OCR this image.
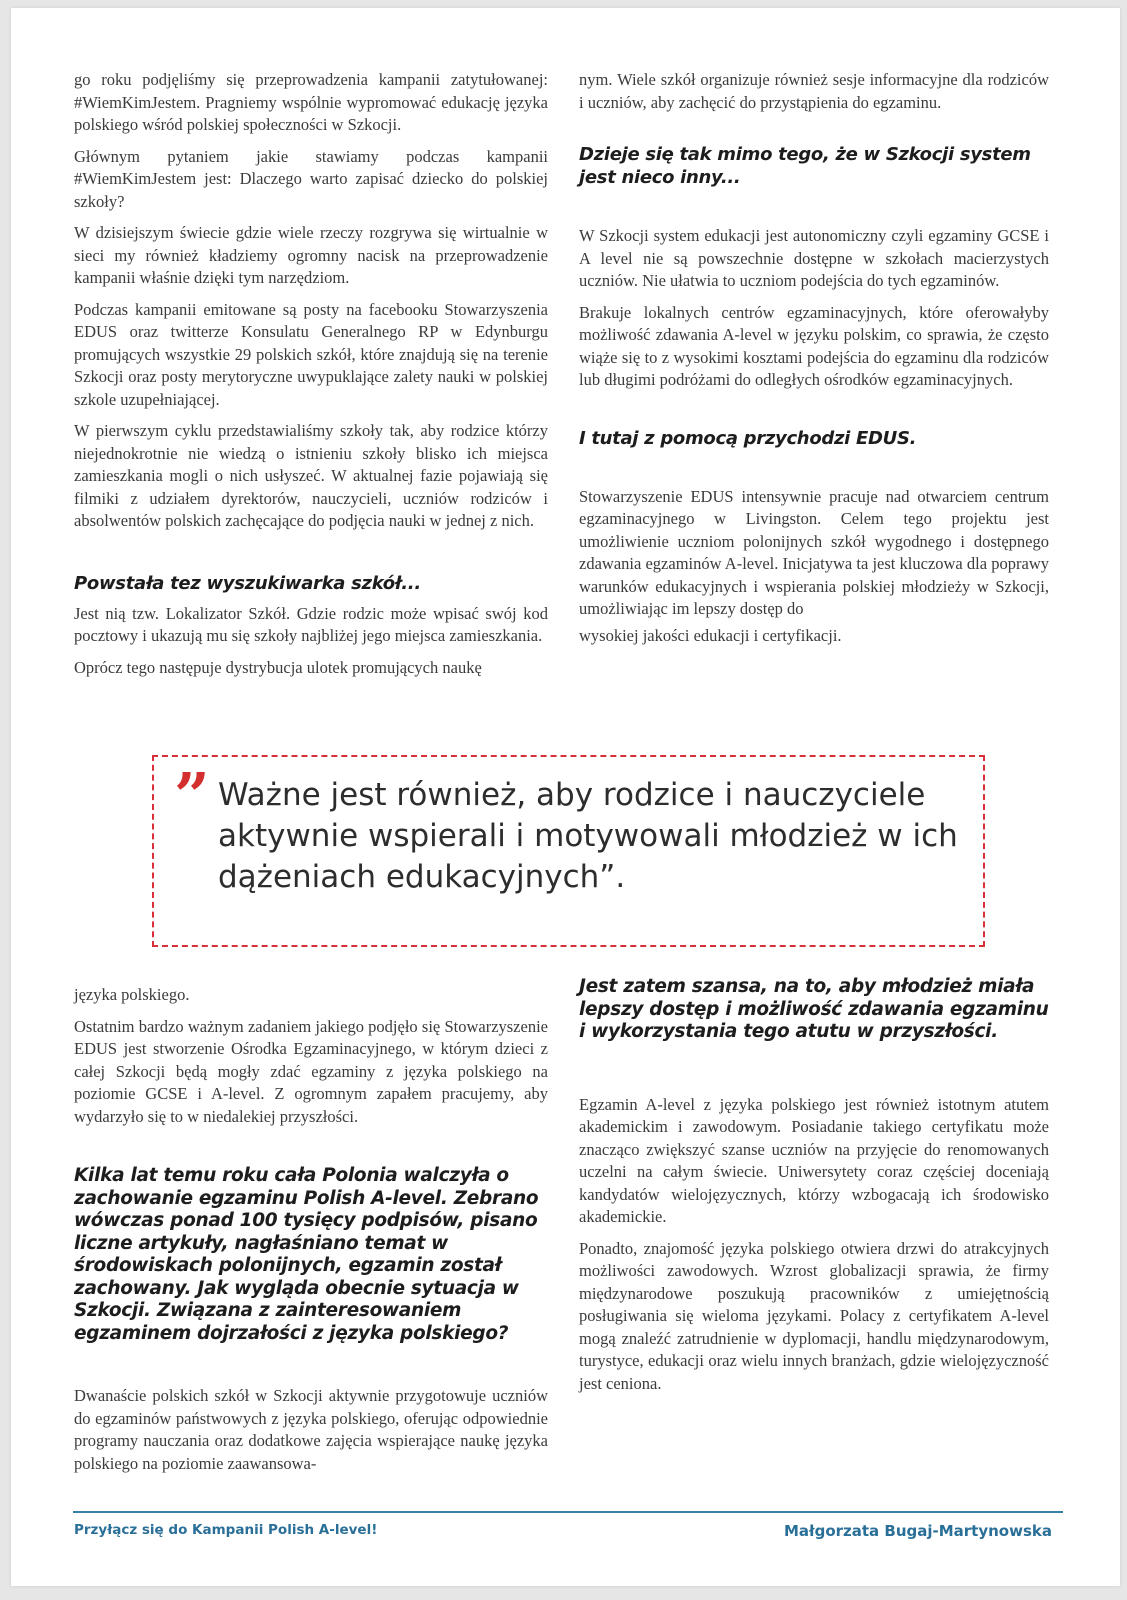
go roku podjęliśmy się przeprowadzenia kampanii zatytułowanej: #WiemKimJestem. Pragniemy wspólnie wypromować edukację języka polskiego wśród polskiej społeczności w Szkocji.

Głównym pytaniem jakie stawiamy podczas kampanii #WiemKimJestem jest: Dlaczego warto zapisać dziecko do polskiej szkoły?

W dzisiejszym świecie gdzie wiele rzeczy rozgrywa się wirtualnie w sieci my również kładziemy ogromny nacisk na przeprowadzenie kampanii właśnie dzięki tym narzędziom.

Podczas kampanii emitowane są posty na facebooku Stowarzyszenia EDUS oraz twitterze Konsulatu Generalnego RP w Edynburgu promujących wszystkie 29 polskich szkół, które znajdują się na terenie Szkocji oraz posty merytoryczne uwypuklające zalety nauki w polskiej szkole uzupełniającej.

W pierwszym cyklu przedstawialiśmy szkoły tak, aby rodzice którzy niejednokrotnie nie wiedzą o istnieniu szkoły blisko ich miejsca zamieszkania mogli o nich usłyszeć. W aktualnej fazie pojawiają się filmiki z udziałem dyrektorów, nauczycieli, uczniów rodziców i absolwentów polskich zachęcające do podjęcia nauki w jednej z nich.

Powstała tez wyszukiwarka szkół...

Jest nią tzw. Lokalizator Szkół. Gdzie rodzic może wpisać swój kod pocztowy i ukazują mu się szkoły najbliżej jego miejsca zamieszkania.

Oprócz tego następuje dystrybucja ulotek promujących naukę

nym. Wiele szkół organizuje również sesje informacyjne dla rodziców i uczniów, aby zachęcić do przystąpienia do egzaminu.

Dzieje się tak mimo tego, że w Szkocji system jest nieco inny...

W Szkocji system edukacji jest autonomiczny czyli egzaminy GCSE i A level nie są powszechnie dostępne w szkołach macierzystych uczniów. Nie ułatwia to uczniom podejścia do tych egzaminów.

Brakuje lokalnych centrów egzaminacyjnych, które oferowałyby możliwość zdawania A-level w języku polskim, co sprawia, że często wiąże się to z wysokimi kosztami podejścia do egzaminu dla rodziców lub długimi podróżami do odległych ośrodków egzaminacyjnych.

I tutaj z pomocą przychodzi EDUS.

Stowarzyszenie EDUS intensywnie pracuje nad otwarciem centrum egzaminacyjnego w Livingston. Celem tego projektu jest umożliwienie uczniom polonijnych szkół wygodnego i dostępnego zdawania egzaminów A-level. Inicjatywa ta jest kluczowa dla poprawy warunków edukacyjnych i wspierania polskiej młodzieży w Szkocji, umożliwiając im lepszy dostęp do

wysokiej jakości edukacji i certyfikacji.

” Ważne jest również, aby rodzice i nauczyciele aktywnie wspierali i motywowali młodzież w ich dążeniach edukacyjnych”.

języka polskiego.

Ostatnim bardzo ważnym zadaniem jakiego podjęło się Stowarzyszenie EDUS jest stworzenie Ośrodka Egzaminacyjnego, w którym dzieci z całej Szkocji będą mogły zdać egzaminy z języka polskiego na poziomie GCSE i A-level. Z ogromnym zapałem pracujemy, aby wydarzyło się to w niedalekiej przyszłości.

Kilka lat temu roku cała Polonia walczyła o zachowanie egzaminu Polish A-level. Zebrano wówczas ponad 100 tysięcy podpisów, pisano liczne artykuły, nagłaśniano temat w środowiskach polonijnych, egzamin został zachowany. Jak wygląda obecnie sytuacja w Szkocji. Związana z zainteresowaniem egzaminem dojrzałości z języka polskiego?

Dwanaście polskich szkół w Szkocji aktywnie przygotowuje uczniów do egzaminów państwowych z języka polskiego, oferując odpowiednie programy nauczania oraz dodatkowe zajęcia wspierające naukę języka polskiego na poziomie zaawansowa-

Jest zatem szansa, na to, aby młodzież miała lepszy dostęp i możliwość zdawania egzaminu i wykorzystania tego atutu w przyszłości.

Egzamin A-level z języka polskiego jest również istotnym atutem akademickim i zawodowym. Posiadanie takiego certyfikatu może znacząco zwiększyć szanse uczniów na przyjęcie do renomowanych uczelni na całym świecie. Uniwersytety coraz częściej doceniają kandydatów wielojęzycznych, którzy wzbogacają ich środowisko akademickie.

Ponadto, znajomość języka polskiego otwiera drzwi do atrakcyjnych możliwości zawodowych. Wzrost globalizacji sprawia, że firmy międzynarodowe poszukują pracowników z umiejętnością posługiwania się wieloma językami. Polacy z certyfikatem A-level mogą znaleźć zatrudnienie w dyplomacji, handlu międzynarodowym, turystyce, edukacji oraz wielu innych branżach, gdzie wielojęzyczność jest ceniona.

Przyłącz się do Kampanii Polish A-level!	Małgorzata Bugaj-Martynowska
